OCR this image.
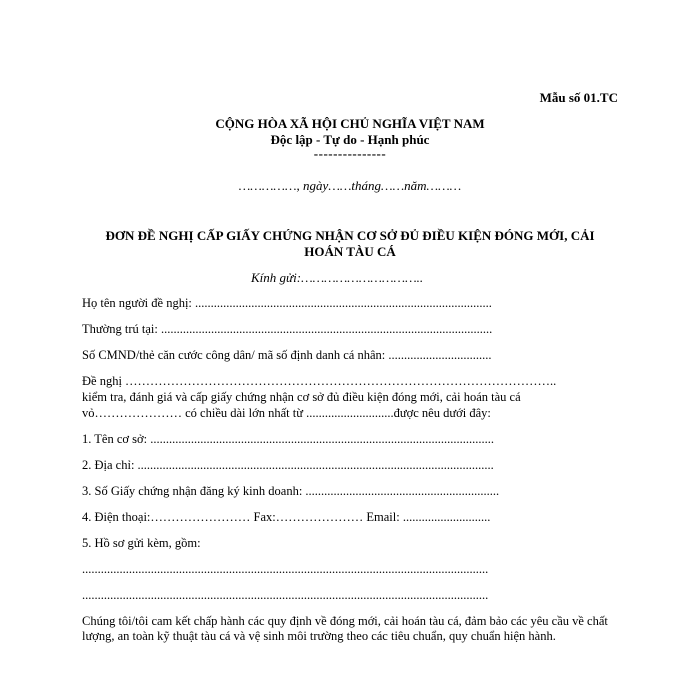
Mẫu số 01.TC
CỘNG HÒA XÃ HỘI CHỦ NGHĨA VIỆT NAM
Độc lập - Tự do - Hạnh phúc
---------------
……………, ngày……tháng……năm………
ĐƠN ĐỀ NGHỊ CẤP GIẤY CHỨNG NHẬN CƠ SỞ ĐỦ ĐIỀU KIỆN ĐÓNG MỚI, CẢI
HOÁN TÀU CÁ
Kính gửi:…………………………..
Họ tên người đề nghị: ...............................................................................................
Thường trú tại: ..........................................................................................................
Số CMND/thẻ căn cước công dân/ mã số định danh cá nhân: .................................
Đề nghị …………………………………………………………………………………………..
kiểm tra, đánh giá và cấp giấy chứng nhận cơ sở đủ điều kiện đóng mới, cải hoán tàu cá
vỏ………………… có chiều dài lớn nhất từ ............................được nêu dưới đây:
1. Tên cơ sở: ..............................................................................................................
2. Địa chỉ: ..................................................................................................................
3. Số Giấy chứng nhận đăng ký kinh doanh: ..............................................................
4. Điện thoại:…………………… Fax:………………… Email: ............................
5. Hồ sơ gửi kèm, gồm:
..................................................................................................................................
..................................................................................................................................
Chúng tôi/tôi cam kết chấp hành các quy định về đóng mới, cải hoán tàu cá, đảm bảo các yêu cầu về chất lượng, an toàn kỹ thuật tàu cá và vệ sinh môi trường theo các tiêu chuẩn, quy chuẩn hiện hành.
